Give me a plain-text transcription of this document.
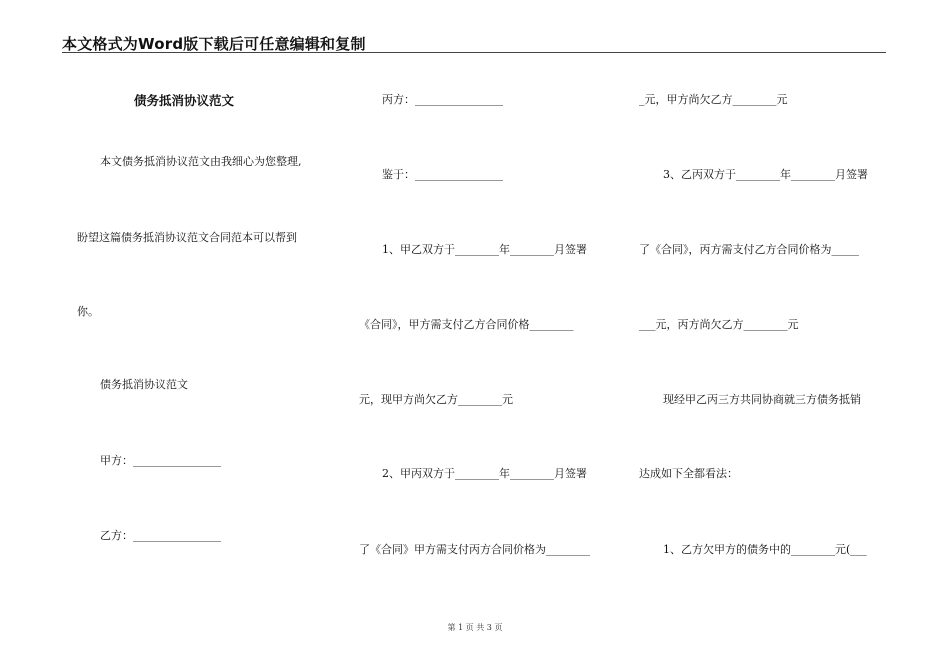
本文格式为Word版下载后可任意编辑和复制
债务抵消协议范文
本文债务抵消协议范文由我细心为您整理,
盼望这篇债务抵消协议范文合同范本可以帮到
你。
债务抵消协议范文
甲方：________________
乙方：________________
丙方：________________
鉴于：________________
1、甲乙双方于________年________月签署
《合同》，甲方需支付乙方合同价格________
元，现甲方尚欠乙方________元
2、甲丙双方于________年________月签署
了《合同》甲方需支付丙方合同价格为________
_元，甲方尚欠乙方________元
3、乙丙双方于________年________月签署
了《合同》，丙方需支付乙方合同价格为_____
___元，丙方尚欠乙方________元
现经甲乙丙三方共同协商就三方债务抵销
达成如下全都看法：
1、乙方欠甲方的债务中的________元(___
第 1 页 共 3 页
